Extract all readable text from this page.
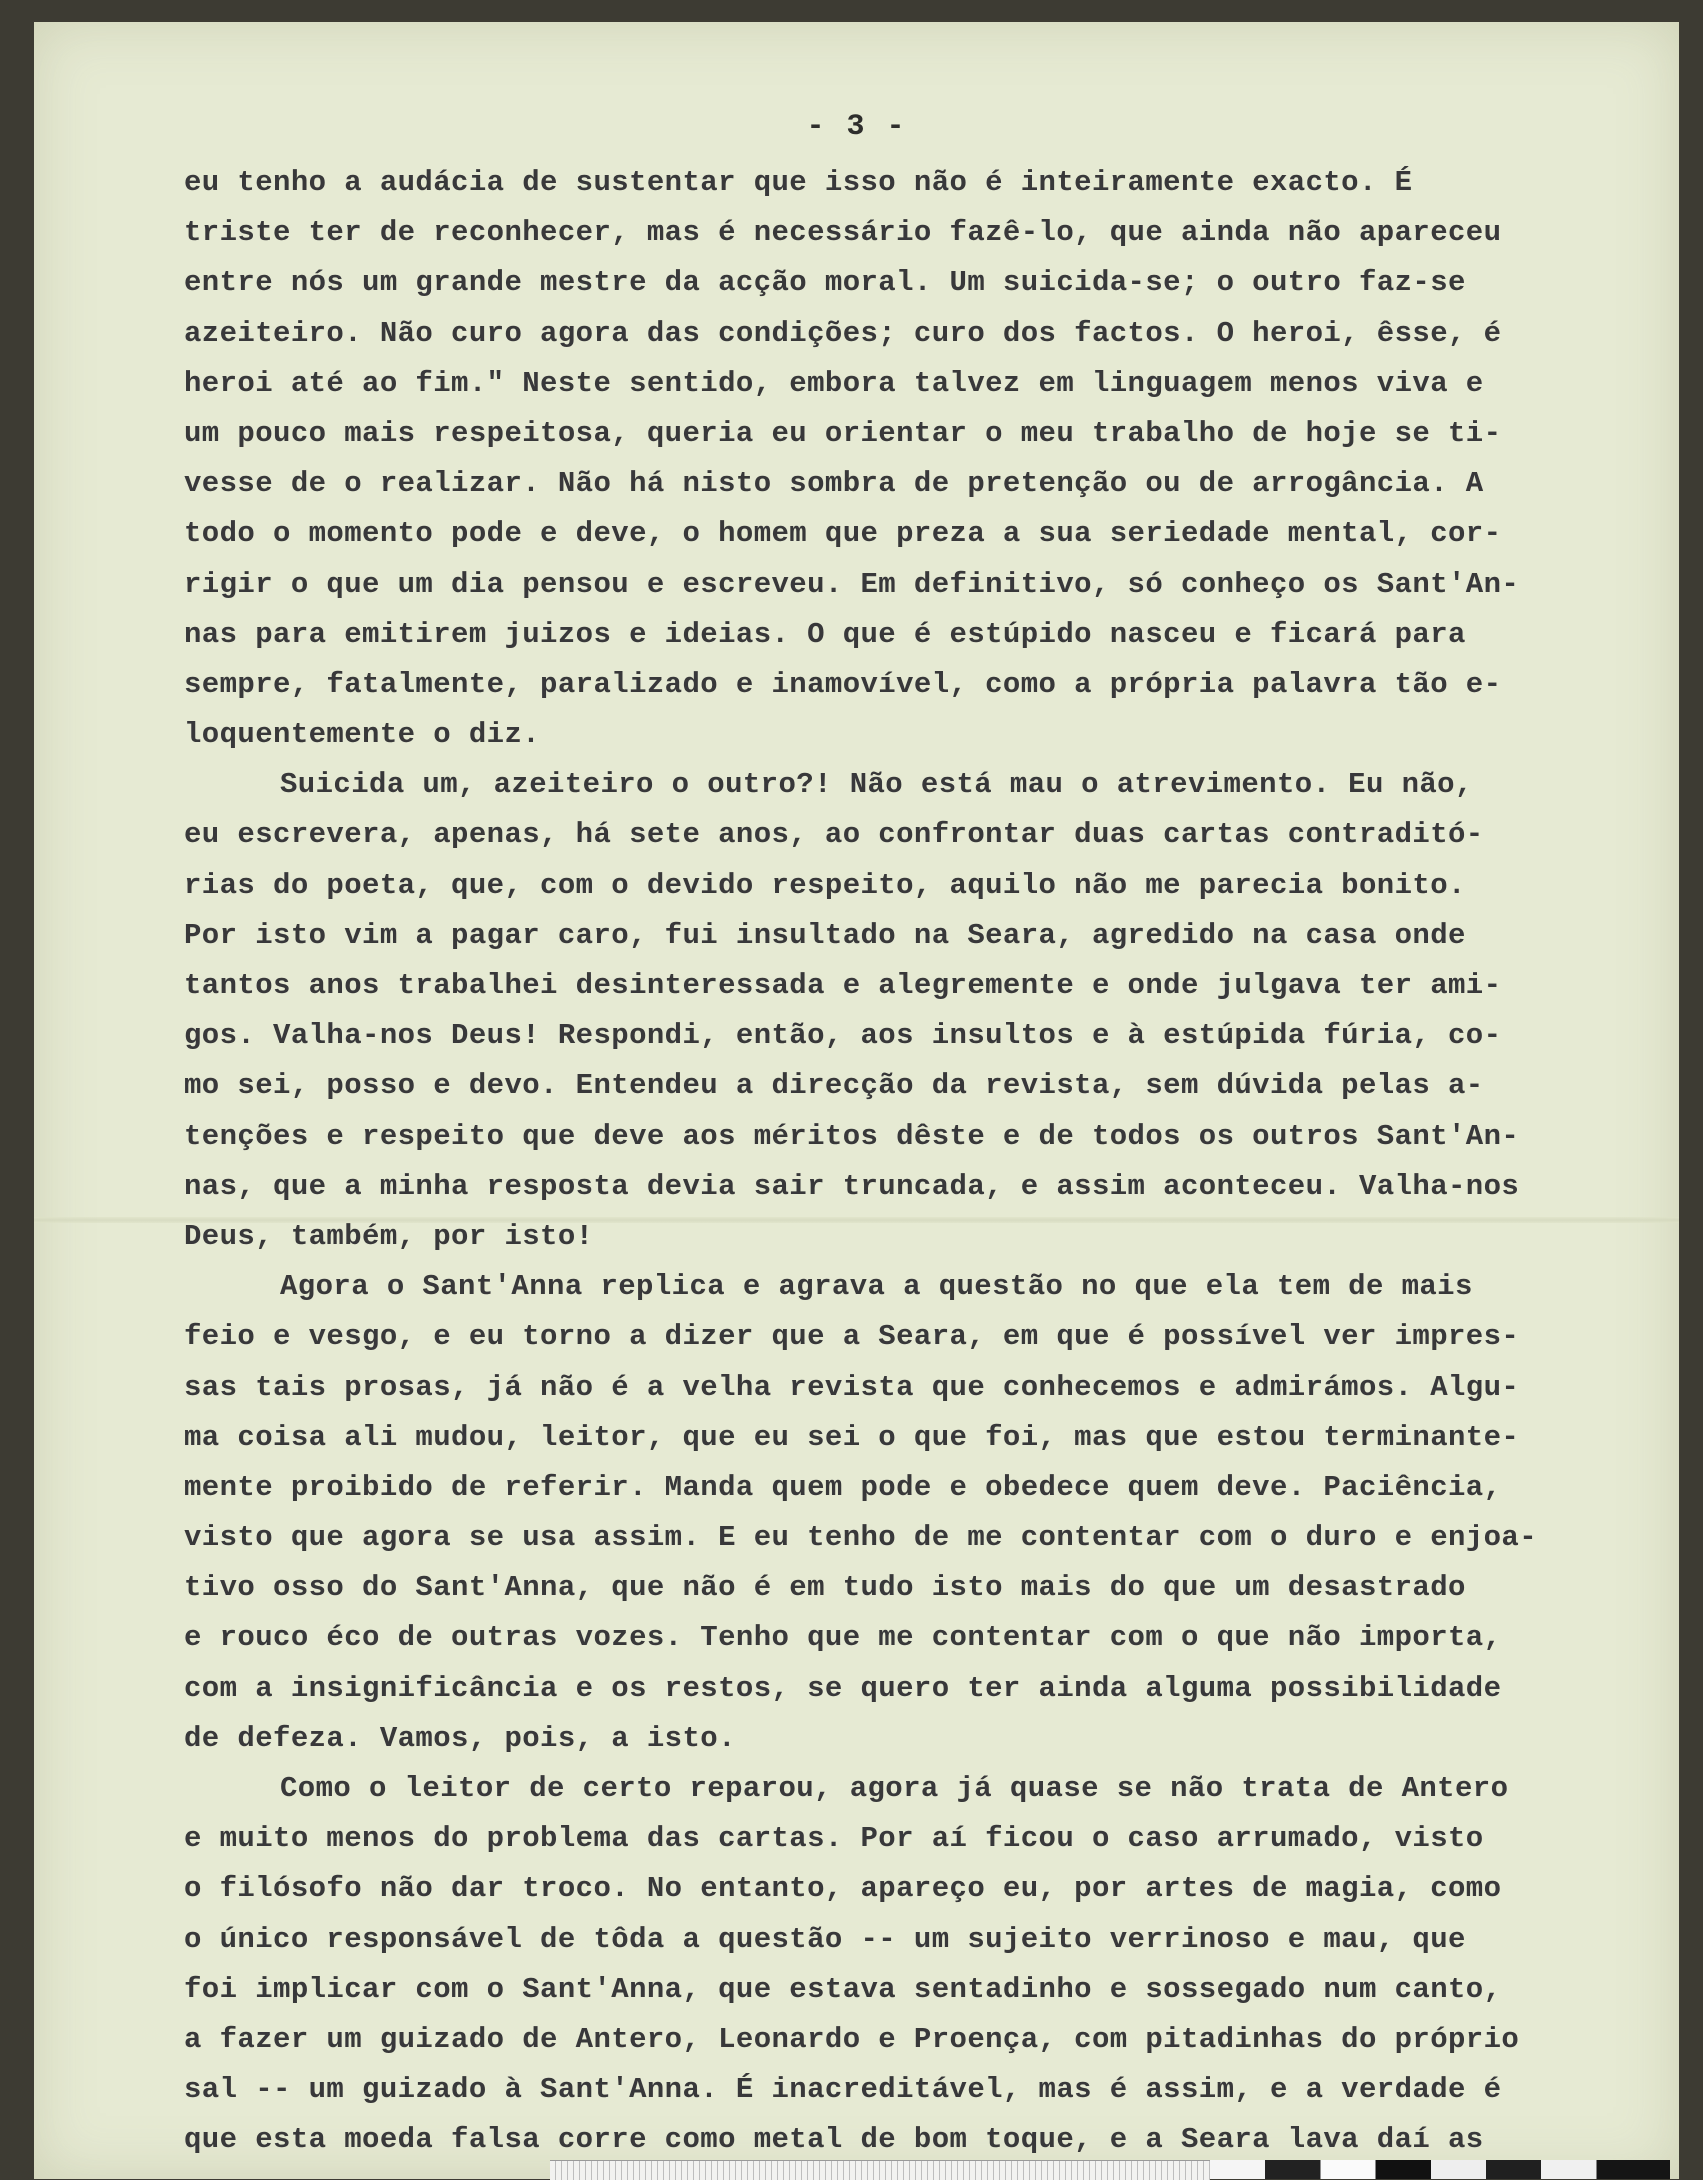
- 3 -
eu tenho a audácia de sustentar que isso não é inteiramente exacto. É
triste ter de reconhecer, mas é necessário fazê-lo, que ainda não apareceu
entre nós um grande mestre da acção moral. Um suicida-se; o outro faz-se
azeiteiro. Não curo agora das condições; curo dos factos. O heroi, êsse, é
heroi até ao fim." Neste sentido, embora talvez em linguagem menos viva e
um pouco mais respeitosa, queria eu orientar o meu trabalho de hoje se ti-
vesse de o realizar. Não há nisto sombra de pretenção ou de arrogância. A
todo o momento pode e deve, o homem que preza a sua seriedade mental, cor-
rigir o que um dia pensou e escreveu. Em definitivo, só conheço os Sant'An-
nas para emitirem juizos e ideias. O que é estúpido nasceu e ficará para
sempre, fatalmente, paralizado e inamovível, como a própria palavra tão e-
loquentemente o diz.
Suicida um, azeiteiro o outro?! Não está mau o atrevimento. Eu não,
eu escrevera, apenas, há sete anos, ao confrontar duas cartas contraditó-
rias do poeta, que, com o devido respeito, aquilo não me parecia bonito.
Por isto vim a pagar caro, fui insultado na Seara, agredido na casa onde
tantos anos trabalhei desinteressada e alegremente e onde julgava ter ami-
gos. Valha-nos Deus! Respondi, então, aos insultos e à estúpida fúria, co-
mo sei, posso e devo. Entendeu a direcção da revista, sem dúvida pelas a-
tenções e respeito que deve aos méritos dêste e de todos os outros Sant'An-
nas, que a minha resposta devia sair truncada, e assim aconteceu. Valha-nos
Deus, também, por isto!
Agora o Sant'Anna replica e agrava a questão no que ela tem de mais
feio e vesgo, e eu torno a dizer que a Seara, em que é possível ver impres-
sas tais prosas, já não é a velha revista que conhecemos e admirámos. Algu-
ma coisa ali mudou, leitor, que eu sei o que foi, mas que estou terminante-
mente proibido de referir. Manda quem pode e obedece quem deve. Paciência,
visto que agora se usa assim. E eu tenho de me contentar com o duro e enjoa-
tivo osso do Sant'Anna, que não é em tudo isto mais do que um desastrado
e rouco éco de outras vozes. Tenho que me contentar com o que não importa,
com a insignificância e os restos, se quero ter ainda alguma possibilidade
de defeza. Vamos, pois, a isto.
Como o leitor de certo reparou, agora já quase se não trata de Antero
e muito menos do problema das cartas. Por aí ficou o caso arrumado, visto
o filósofo não dar troco. No entanto, apareço eu, por artes de magia, como
o único responsável de tôda a questão -- um sujeito verrinoso e mau, que
foi implicar com o Sant'Anna, que estava sentadinho e sossegado num canto,
a fazer um guizado de Antero, Leonardo e Proença, com pitadinhas do próprio
sal -- um guizado à Sant'Anna. É inacreditável, mas é assim, e a verdade é
que esta moeda falsa corre como metal de bom toque, e a Seara lava daí as
